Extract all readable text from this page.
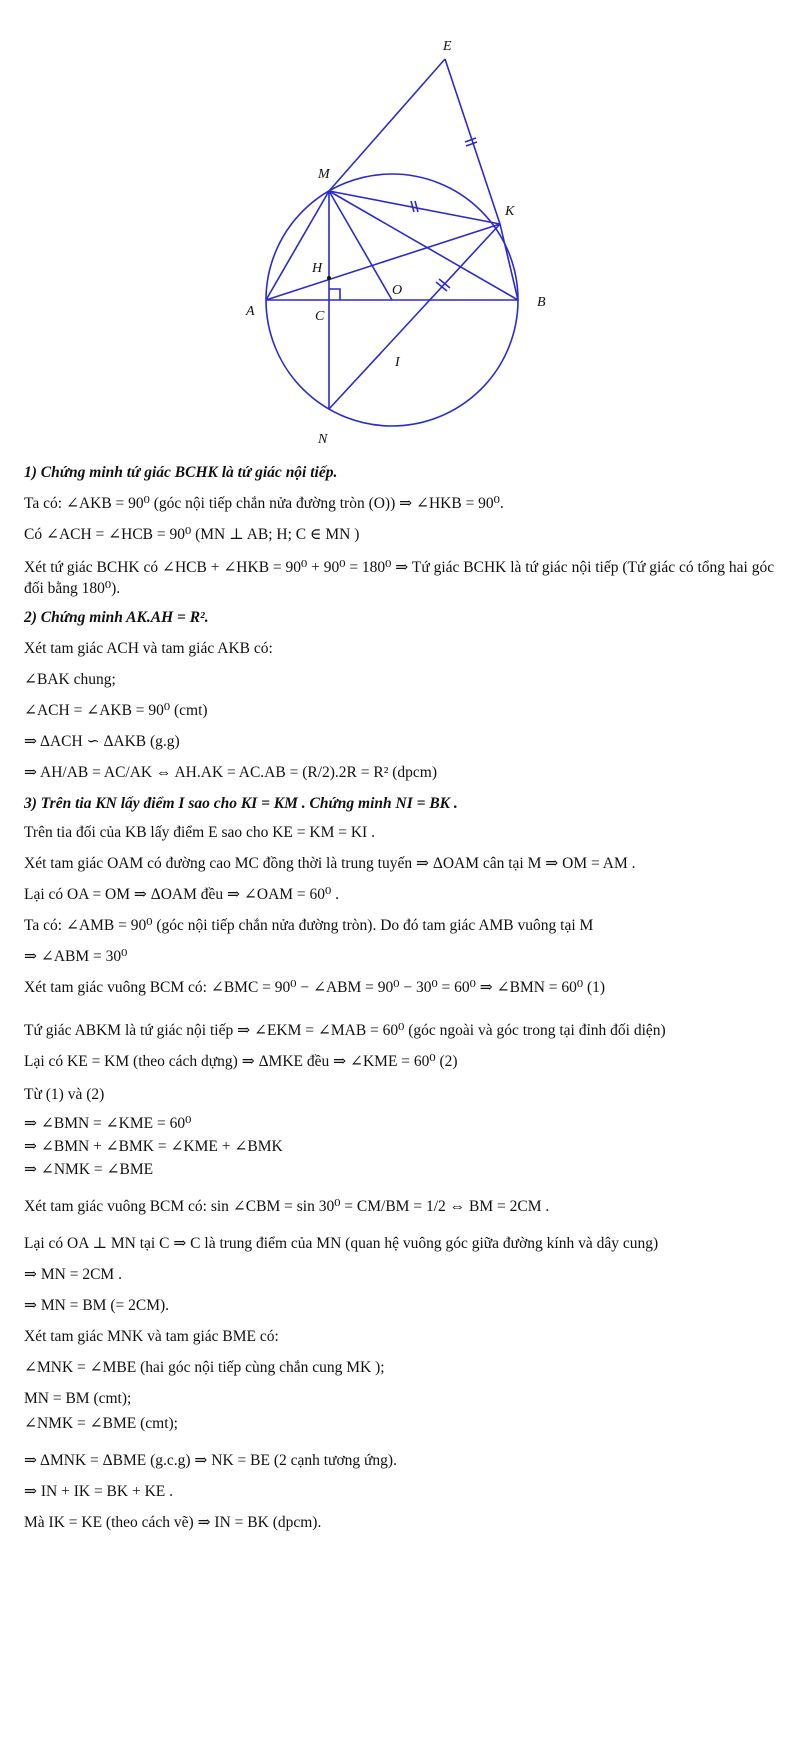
E
M
K
H
O
A	C
B
I
N
1) Chứng minh tứ giác BCHK là tứ giác nội tiếp.
Ta có: ∠AKB = 90⁰ (góc nội tiếp chắn nửa đường tròn (O)) ⇒ ∠HKB = 90⁰.
Có ∠ACH = ∠HCB = 90⁰ (MN ⊥ AB; H; C ∈ MN )
Xét tứ giác BCHK có ∠HCB + ∠HKB = 90⁰ + 90⁰ = 180⁰ ⇒ Tứ giác BCHK là tứ giác nội tiếp (Tứ giác có tổng hai góc đối bằng 180⁰).
2) Chứng minh AK.AH = R².
Xét tam giác ACH và tam giác AKB có:
∠BAK chung;
∠ACH = ∠AKB = 90⁰ (cmt)
⇒ ΔACH ∽ ΔAKB (g.g)
⇒ AH/AB = AC/AK ⇔ AH.AK = AC.AB = (R/2).2R = R² (dpcm)
3) Trên tia KN lấy điểm I sao cho KI = KM . Chứng minh NI = BK .
Trên tia đối của KB lấy điểm E sao cho KE = KM = KI .
Xét tam giác OAM có đường cao MC đồng thời là trung tuyến ⇒ ΔOAM cân tại M ⇒ OM = AM .
Lại có OA = OM ⇒ ΔOAM đều ⇒ ∠OAM = 60⁰ .
Ta có: ∠AMB = 90⁰ (góc nội tiếp chắn nửa đường tròn). Do đó tam giác AMB vuông tại M
⇒ ∠ABM = 30⁰
Xét tam giác vuông BCM có: ∠BMC = 90⁰ − ∠ABM = 90⁰ − 30⁰ = 60⁰ ⇒ ∠BMN = 60⁰ (1)
Tứ giác ABKM là tứ giác nội tiếp ⇒ ∠EKM = ∠MAB = 60⁰ (góc ngoài và góc trong tại đỉnh đối diện)
Lại có KE = KM (theo cách dựng) ⇒ ΔMKE đều ⇒ ∠KME = 60⁰ (2)
Từ (1) và (2)
⇒ ∠BMN = ∠KME = 60⁰
⇒ ∠BMN + ∠BMK = ∠KME + ∠BMK
⇒ ∠NMK = ∠BME
Xét tam giác vuông BCM có: sin ∠CBM = sin 30⁰ = CM/BM = 1/2 ⇔ BM = 2CM .
Lại có OA ⊥ MN tại C ⇒ C là trung điểm của MN (quan hệ vuông góc giữa đường kính và dây cung)
⇒ MN = 2CM .
⇒ MN = BM (= 2CM).
Xét tam giác MNK và tam giác BME có:
∠MNK = ∠MBE (hai góc nội tiếp cùng chắn cung MK );
MN = BM (cmt);
∠NMK = ∠BME (cmt);
⇒ ΔMNK = ΔBME (g.c.g) ⇒ NK = BE (2 cạnh tương ứng).
⇒ IN + IK = BK + KE .
Mà IK = KE (theo cách vẽ) ⇒ IN = BK (dpcm).
